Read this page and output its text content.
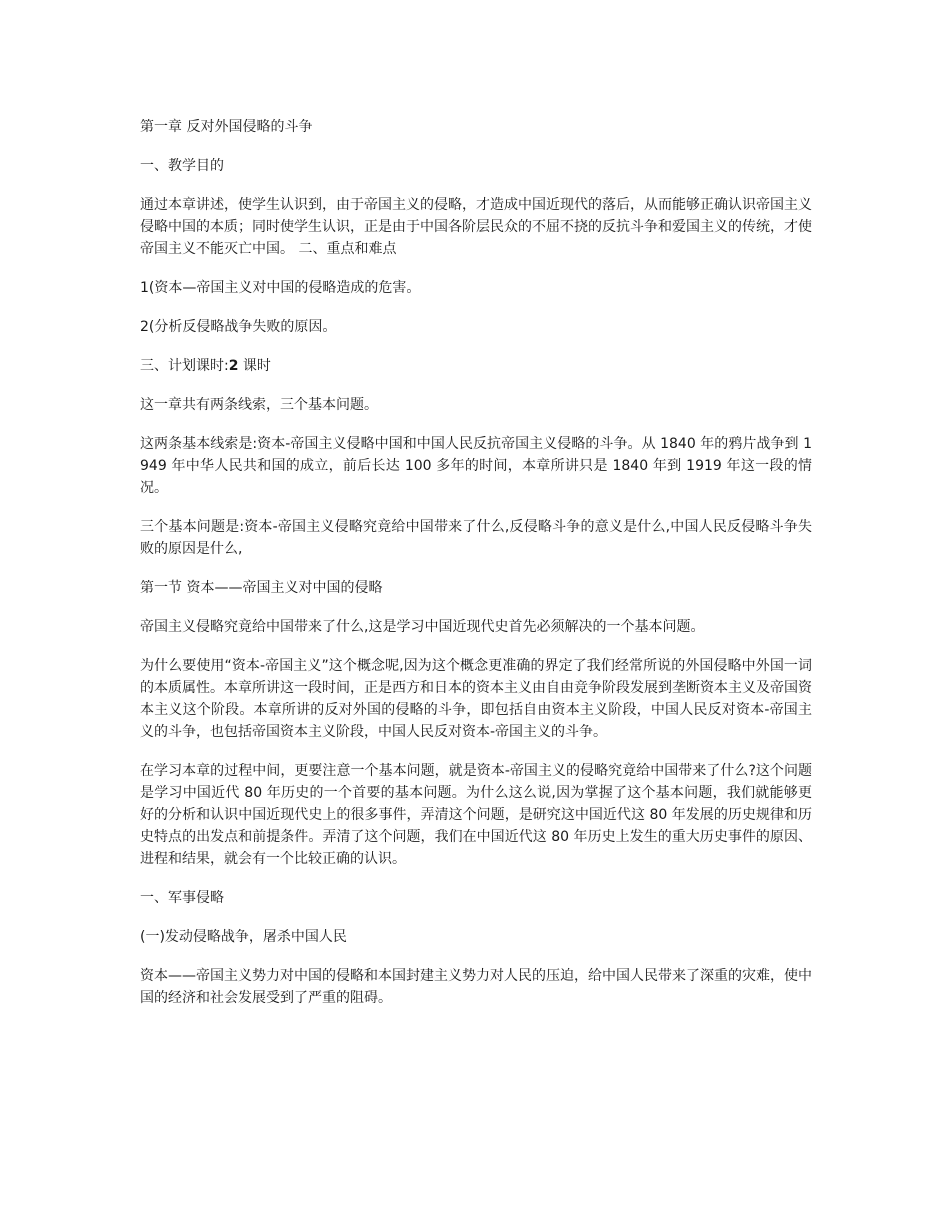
第一章 反对外国侵略的斗争

一、教学目的

通过本章讲述，使学生认识到，由于帝国主义的侵略，才造成中国近现代的落后，从而能够正确认识帝国主义侵略中国的本质；同时使学生认识，正是由于中国各阶层民众的不屈不挠的反抗斗争和爱国主义的传统，才使帝国主义不能灭亡中国。 二、重点和难点

1(资本—帝国主义对中国的侵略造成的危害。

2(分析反侵略战争失败的原因。

三、计划课时:2 课时

这一章共有两条线索，三个基本问题。

这两条基本线索是:资本-帝国主义侵略中国和中国人民反抗帝国主义侵略的斗争。从 1840 年的鸦片战争到 1949 年中华人民共和国的成立，前后长达 100 多年的时间，本章所讲只是 1840 年到 1919 年这一段的情况。

三个基本问题是:资本-帝国主义侵略究竟给中国带来了什么,反侵略斗争的意义是什么,中国人民反侵略斗争失败的原因是什么,

第一节 资本——帝国主义对中国的侵略

帝国主义侵略究竟给中国带来了什么,这是学习中国近现代史首先必须解决的一个基本问题。

为什么要使用“资本-帝国主义”这个概念呢,因为这个概念更准确的界定了我们经常所说的外国侵略中外国一词的本质属性。本章所讲这一段时间，正是西方和日本的资本主义由自由竞争阶段发展到垄断资本主义及帝国资本主义这个阶段。本章所讲的反对外国的侵略的斗争，即包括自由资本主义阶段，中国人民反对资本-帝国主义的斗争，也包括帝国资本主义阶段，中国人民反对资本-帝国主义的斗争。

在学习本章的过程中间，更要注意一个基本问题，就是资本-帝国主义的侵略究竟给中国带来了什么?这个问题是学习中国近代 80 年历史的一个首要的基本问题。为什么这么说,因为掌握了这个基本问题，我们就能够更好的分析和认识中国近现代史上的很多事件，弄清这个问题，是研究这中国近代这 80 年发展的历史规律和历史特点的出发点和前提条件。弄清了这个问题，我们在中国近代这 80 年历史上发生的重大历史事件的原因、进程和结果，就会有一个比较正确的认识。

一、军事侵略

(一)发动侵略战争，屠杀中国人民

资本——帝国主义势力对中国的侵略和本国封建主义势力对人民的压迫，给中国人民带来了深重的灾难，使中国的经济和社会发展受到了严重的阻碍。
